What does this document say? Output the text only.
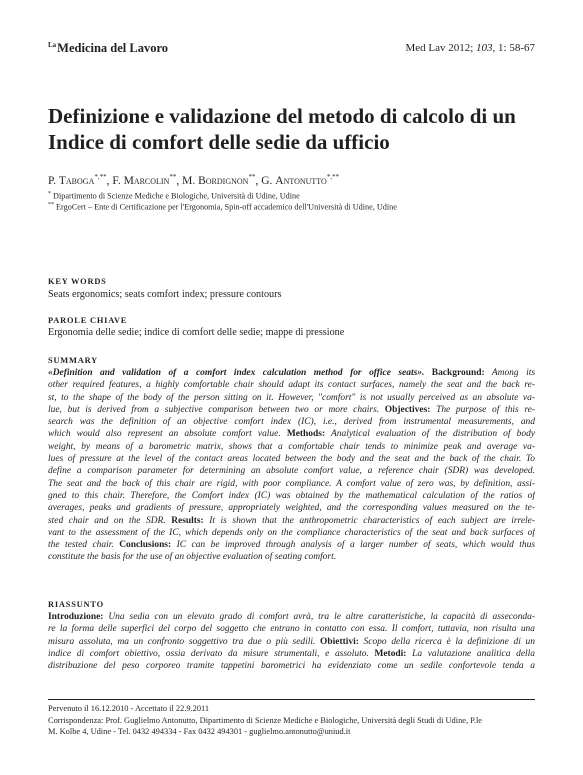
$^{La}$Medicina del Lavoro	Med Lav 2012; 103, 1: 58-67
Definizione e validazione del metodo di calcolo di un
Indice di comfort delle sedie da ufficio
P. Taboga*,**, F. Marcolin**, M. Bordignon**, G. Antonutto*,**
* Dipartimento di Scienze Mediche e Biologiche, Università di Udine, Udine
** ErgoCert – Ente di Certificazione per l'Ergonomia, Spin-off accademico dell'Università di Udine, Udine
KEY WORDS
Seats ergonomics; seats comfort index; pressure contours
PAROLE CHIAVE
Ergonomia delle sedie; indice di comfort delle sedie; mappe di pressione
SUMMARY
«Definition and validation of a comfort index calculation method for office seats». Background: Among its
other required features, a highly comfortable chair should adapt its contact surfaces, namely the seat and the back re-
st, to the shape of the body of the person sitting on it. However, "comfort" is not usually perceived as an absolute va-
lue, but is derived from a subjective comparison between two or more chairs. Objectives: The purpose of this re-
search was the definition of an objective comfort index (IC), i.e., derived from instrumental measurements, and
which would also represent an absolute comfort value. Methods: Analytical evaluation of the distribution of body
weight, by means of a barometric matrix, shows that a comfortable chair tends to minimize peak and average va-
lues of pressure at the level of the contact areas located between the body and the seat and the back of the chair. To
define a comparison parameter for determining an absolute comfort value, a reference chair (SDR) was developed.
The seat and the back of this chair are rigid, with poor compliance. A comfort value of zero was, by definition, assi-
gned to this chair. Therefore, the Comfort index (IC) was obtained by the mathematical calculation of the ratios of
averages, peaks and gradients of pressure, appropriately weighted, and the corresponding values measured on the te-
sted chair and on the SDR. Results: It is shown that the anthropometric characteristics of each subject are irrele-
vant to the assessment of the IC, which depends only on the compliance characteristics of the seat and back surfaces of
the tested chair. Conclusions: IC can be improved through analysis of a larger number of seats, which would thus
constitute the basis for the use of an objective evaluation of seating comfort.
RIASSUNTO
Introduzione: Una sedia con un elevato grado di comfort avrà, tra le altre caratteristiche, la capacità di asseconda-
re la forma delle superfici del corpo del soggetto che entrano in contatto con essa. Il comfort, tuttavia, non risulta una
misura assoluta, ma un confronto soggettivo tra due o più sedili. Obiettivi: Scopo della ricerca è la definizione di un
indice di comfort obiettivo, ossia derivato da misure strumentali, e assoluto. Metodi: La valutazione analitica della
distribuzione del peso corporeo tramite tappetini barometrici ha evidenziato come un sedile confortevole tenda a
Pervenuto il 16.12.2010 - Accettato il 22.9.2011
Corrispondenza: Prof. Guglielmo Antonutto, Dipartimento di Scienze Mediche e Biologiche, Università degli Studi di Udine, P.le
M. Kolbe 4, Udine - Tel. 0432 494334 - Fax 0432 494301 - guglielmo.antonutto@uniud.it
